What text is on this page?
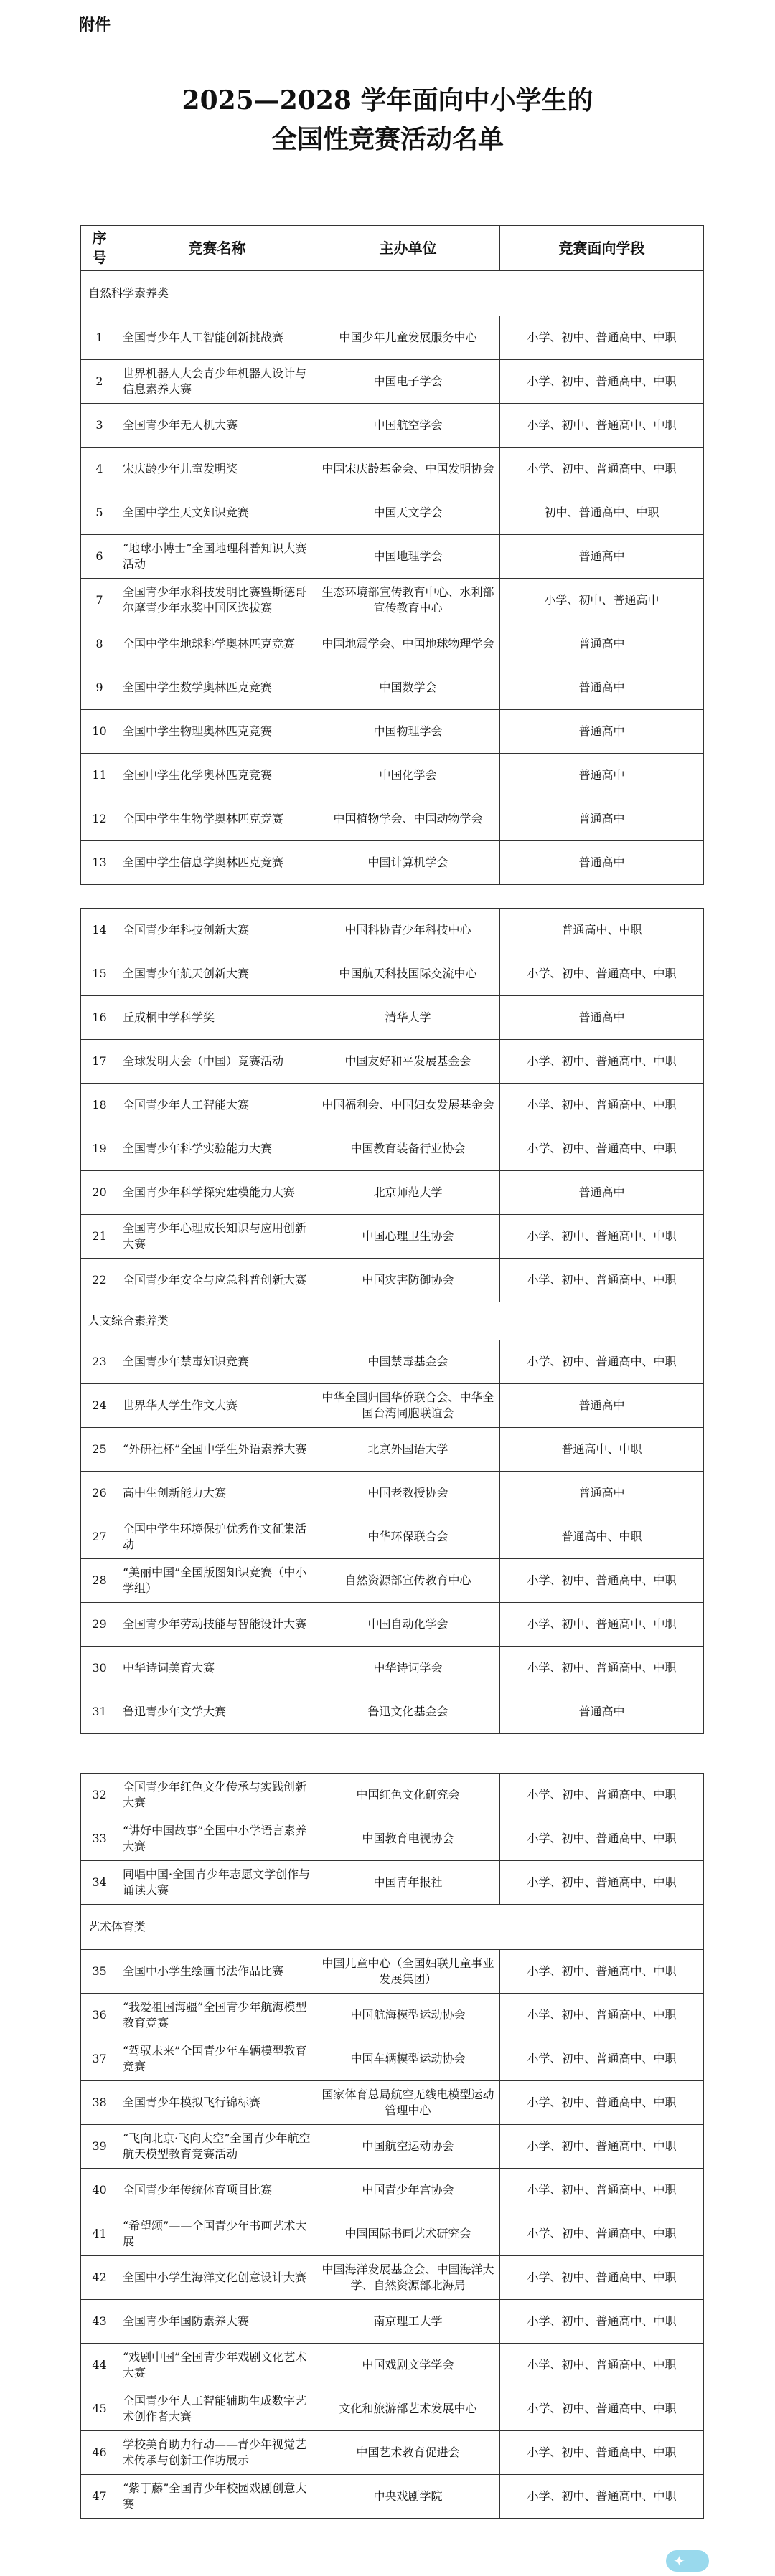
附件
2025—2028 学年面向中小学生的
全国性竞赛活动名单
序号	竞赛名称	主办单位	竞赛面向学段
自然科学素养类			
1	全国青少年人工智能创新挑战赛	中国少年儿童发展服务中心	小学、初中、普通高中、中职
2	世界机器人大会青少年机器人设计与信息素养大赛	中国电子学会	小学、初中、普通高中、中职
3	全国青少年无人机大赛	中国航空学会	小学、初中、普通高中、中职
4	宋庆龄少年儿童发明奖	中国宋庆龄基金会、中国发明协会	小学、初中、普通高中、中职
5	全国中学生天文知识竞赛	中国天文学会	初中、普通高中、中职
6	“地球小博士”全国地理科普知识大赛活动	中国地理学会	普通高中
7	全国青少年水科技发明比赛暨斯德哥尔摩青少年水奖中国区选拔赛	生态环境部宣传教育中心、水利部宣传教育中心	小学、初中、普通高中
8	全国中学生地球科学奥林匹克竞赛	中国地震学会、中国地球物理学会	普通高中
9	全国中学生数学奥林匹克竞赛	中国数学会	普通高中
10	全国中学生物理奥林匹克竞赛	中国物理学会	普通高中
11	全国中学生化学奥林匹克竞赛	中国化学会	普通高中
12	全国中学生生物学奥林匹克竞赛	中国植物学会、中国动物学会	普通高中
13	全国中学生信息学奥林匹克竞赛	中国计算机学会	普通高中
14	全国青少年科技创新大赛	中国科协青少年科技中心	普通高中、中职
15	全国青少年航天创新大赛	中国航天科技国际交流中心	小学、初中、普通高中、中职
16	丘成桐中学科学奖	清华大学	普通高中
17	全球发明大会（中国）竞赛活动	中国友好和平发展基金会	小学、初中、普通高中、中职
18	全国青少年人工智能大赛	中国福利会、中国妇女发展基金会	小学、初中、普通高中、中职
19	全国青少年科学实验能力大赛	中国教育装备行业协会	小学、初中、普通高中、中职
20	全国青少年科学探究建模能力大赛	北京师范大学	普通高中
21	全国青少年心理成长知识与应用创新大赛	中国心理卫生协会	小学、初中、普通高中、中职
22	全国青少年安全与应急科普创新大赛	中国灾害防御协会	小学、初中、普通高中、中职
人文综合素养类			
23	全国青少年禁毒知识竞赛	中国禁毒基金会	小学、初中、普通高中、中职
24	世界华人学生作文大赛	中华全国归国华侨联合会、中华全国台湾同胞联谊会	普通高中
25	“外研社杯”全国中学生外语素养大赛	北京外国语大学	普通高中、中职
26	高中生创新能力大赛	中国老教授协会	普通高中
27	全国中学生环境保护优秀作文征集活动	中华环保联合会	普通高中、中职
28	“美丽中国”全国版图知识竞赛（中小学组）	自然资源部宣传教育中心	小学、初中、普通高中、中职
29	全国青少年劳动技能与智能设计大赛	中国自动化学会	小学、初中、普通高中、中职
30	中华诗词美育大赛	中华诗词学会	小学、初中、普通高中、中职
31	鲁迅青少年文学大赛	鲁迅文化基金会	普通高中
32	全国青少年红色文化传承与实践创新大赛	中国红色文化研究会	小学、初中、普通高中、中职
33	“讲好中国故事”全国中小学语言素养大赛	中国教育电视协会	小学、初中、普通高中、中职
34	同唱中国·全国青少年志愿文学创作与诵读大赛	中国青年报社	小学、初中、普通高中、中职
艺术体育类			
35	全国中小学生绘画书法作品比赛	中国儿童中心（全国妇联儿童事业发展集团）	小学、初中、普通高中、中职
36	“我爱祖国海疆”全国青少年航海模型教育竞赛	中国航海模型运动协会	小学、初中、普通高中、中职
37	“驾驭未来”全国青少年车辆模型教育竞赛	中国车辆模型运动协会	小学、初中、普通高中、中职
38	全国青少年模拟飞行锦标赛	国家体育总局航空无线电模型运动管理中心	小学、初中、普通高中、中职
39	“飞向北京·飞向太空”全国青少年航空航天模型教育竞赛活动	中国航空运动协会	小学、初中、普通高中、中职
40	全国青少年传统体育项目比赛	中国青少年宫协会	小学、初中、普通高中、中职
41	“希望颂”——全国青少年书画艺术大展	中国国际书画艺术研究会	小学、初中、普通高中、中职
42	全国中小学生海洋文化创意设计大赛	中国海洋发展基金会、中国海洋大学、自然资源部北海局	小学、初中、普通高中、中职
43	全国青少年国防素养大赛	南京理工大学	小学、初中、普通高中、中职
44	“戏剧中国”全国青少年戏剧文化艺术大赛	中国戏剧文学学会	小学、初中、普通高中、中职
45	全国青少年人工智能辅助生成数字艺术创作者大赛	文化和旅游部艺术发展中心	小学、初中、普通高中、中职
46	学校美育助力行动——青少年视觉艺术传承与创新工作坊展示	中国艺术教育促进会	小学、初中、普通高中、中职
47	“紫丁藤”全国青少年校园戏剧创意大赛	中央戏剧学院	小学、初中、普通高中、中职
✦
